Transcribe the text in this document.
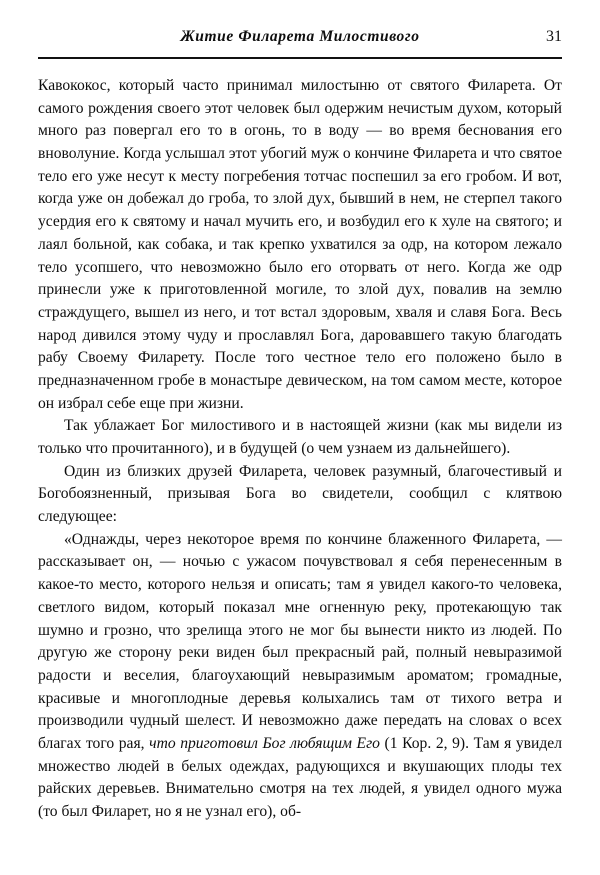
Житие Филарета Милостивого	31

Кавококос, который часто принимал милостыню от святого Филарета. От самого рождения своего этот человек был одержим нечистым духом, который много раз повергал его то в огонь, то в воду — во время беснования его вноволуние. Когда услышал этот убогий муж о кончине Филарета и что святое тело его уже несут к месту погребения тотчас поспешил за его гробом. И вот, когда уже он добежал до гроба, то злой дух, бывший в нем, не стерпел такого усердия его к святому и начал мучить его, и возбудил его к хуле на святого; и лаял больной, как собака, и так крепко ухватился за одр, на котором лежало тело усопшего, что невозможно было его оторвать от него. Когда же одр принесли уже к приготовленной могиле, то злой дух, повалив на землю страждущего, вышел из него, и тот встал здоровым, хваля и славя Бога. Весь народ дивился этому чуду и прославлял Бога, даровавшего такую благодать рабу Своему Филарету. После того честное тело его положено было в предназначенном гробе в монастыре девическом, на том самом месте, которое он избрал себе еще при жизни.

Так ублажает Бог милостивого и в настоящей жизни (как мы видели из только что прочитанного), и в будущей (о чем узнаем из дальнейшего).

Один из близких друзей Филарета, человек разумный, благочестивый и Богобоязненный, призывая Бога во свидетели, сообщил с клятвою следующее:

«Однажды, через некоторое время по кончине блаженного Филарета, — рассказывает он, — ночью с ужасом почувствовал я себя перенесенным в какое-то место, которого нельзя и описать; там я увидел какого-то человека, светлого видом, который показал мне огненную реку, протекающую так шумно и грозно, что зрелища этого не мог бы вынести никто из людей. По другую же сторону реки виден был прекрасный рай, полный невыразимой радости и веселия, благоухающий невыразимым ароматом; громадные, красивые и многоплодные деревья колыхались там от тихого ветра и производили чудный шелест. И невозможно даже передать на словах о всех благах того рая, что приготовил Бог любящим Его (1 Кор. 2, 9). Там я увидел множество людей в белых одеждах, радующихся и вкушающих плоды тех райских деревьев. Внимательно смотря на тех людей, я увидел одного мужа (то был Филарет, но я не узнал его), об-
